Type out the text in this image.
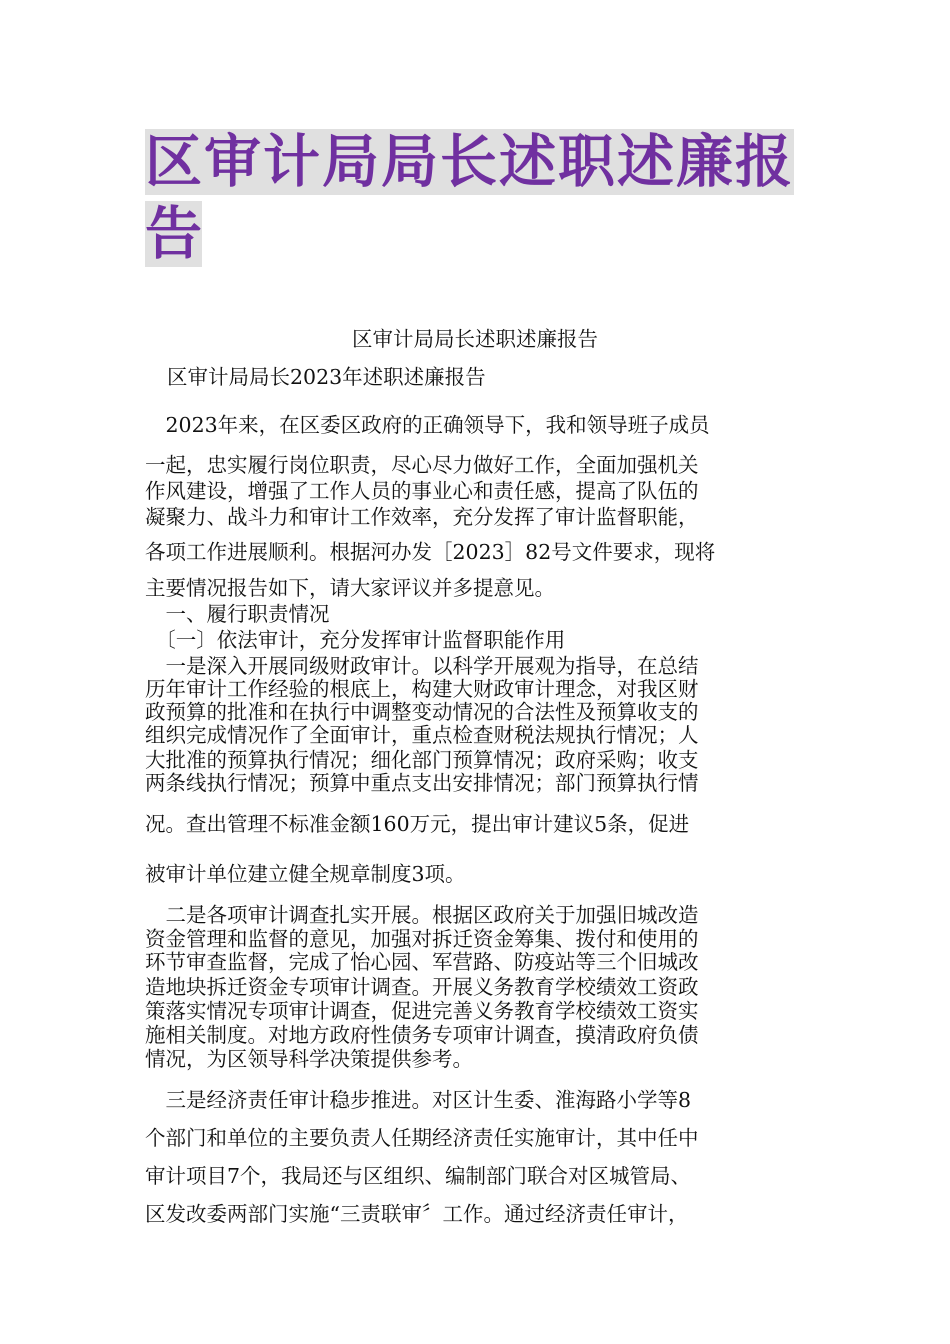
区审计局局长述职述廉报
告
区审计局局长述职述廉报告
区审计局局长2023年述职述廉报告
　2023年来，在区委区政府的正确领导下，我和领导班子成员
一起，忠实履行岗位职责，尽心尽力做好工作，全面加强机关
作风建设，增强了工作人员的事业心和责任感，提高了队伍的
凝聚力、战斗力和审计工作效率，充分发挥了审计监督职能，
各项工作进展顺利。根据河办发［2023］82号文件要求，现将
主要情况报告如下，请大家评议并多提意见。
　一、履行职责情况
　〔一〕依法审计，充分发挥审计监督职能作用
　一是深入开展同级财政审计。以科学开展观为指导，在总结
历年审计工作经验的根底上，构建大财政审计理念，对我区财
政预算的批准和在执行中调整变动情况的合法性及预算收支的
组织完成情况作了全面审计，重点检查财税法规执行情况；人
大批准的预算执行情况；细化部门预算情况；政府采购；收支
两条线执行情况；预算中重点支出安排情况；部门预算执行情
况。查出管理不标准金额160万元，提出审计建议5条，促进
被审计单位建立健全规章制度3项。
　二是各项审计调查扎实开展。根据区政府关于加强旧城改造
资金管理和监督的意见，加强对拆迁资金筹集、拨付和使用的
环节审查监督，完成了怡心园、军营路、防疫站等三个旧城改
造地块拆迁资金专项审计调查。开展义务教育学校绩效工资政
策落实情况专项审计调查，促进完善义务教育学校绩效工资实
施相关制度。对地方政府性债务专项审计调查，摸清政府负债
情况，为区领导科学决策提供参考。
　三是经济责任审计稳步推进。对区计生委、淮海路小学等8
个部门和单位的主要负责人任期经济责任实施审计，其中任中
审计项目7个，我局还与区组织、编制部门联合对区城管局、
区发改委两部门实施“三责联审〞工作。通过经济责任审计，
